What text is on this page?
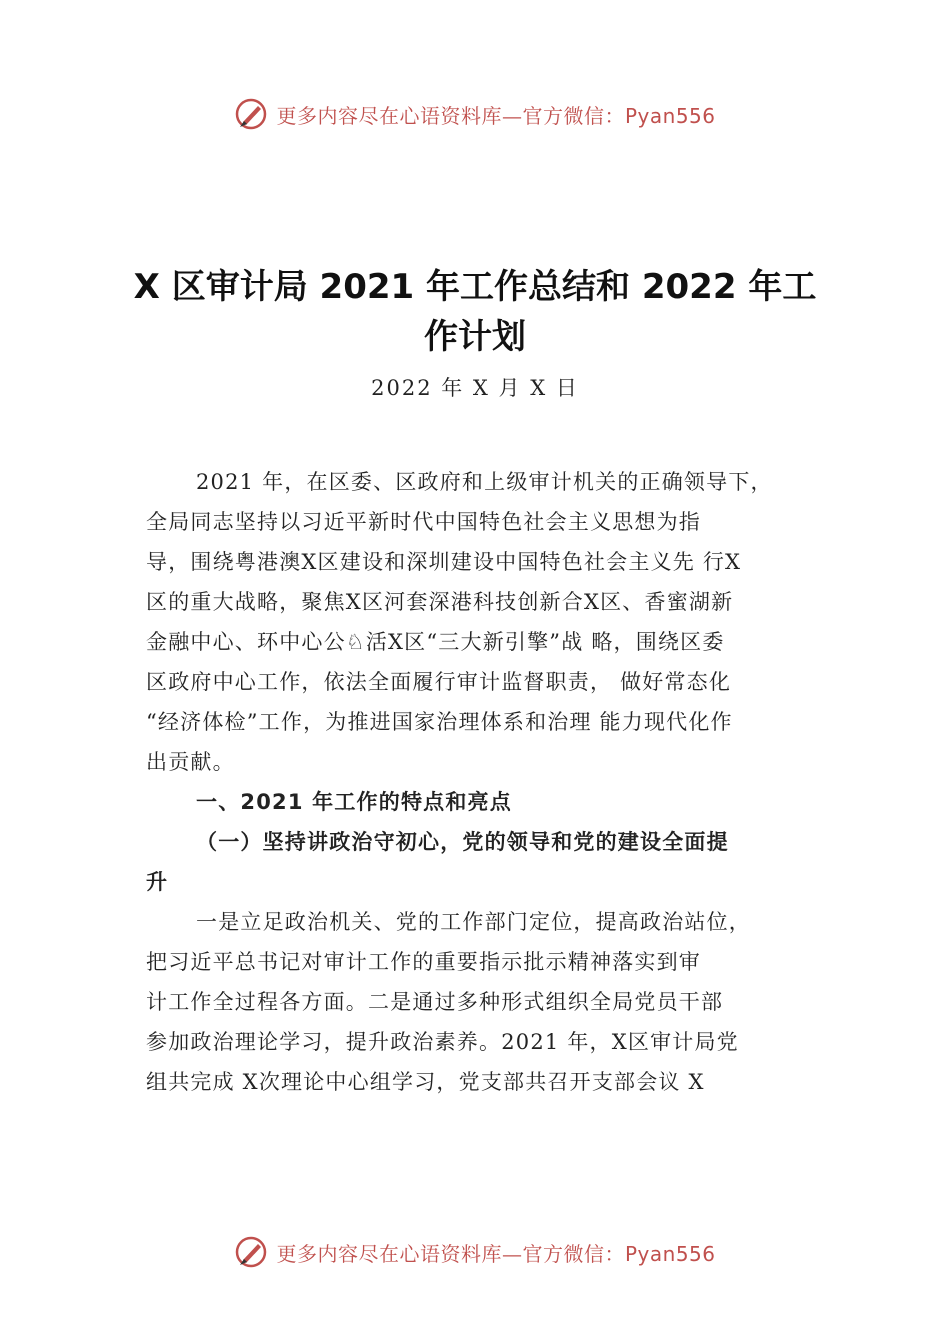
更多内容尽在心语资料库—官方微信：Pyan556
X 区审计局 2021 年工作总结和 2022 年工
作计划
2022 年 X 月 X 日
2021 年，在区委、区政府和上级审计机关的正确领导下，
全局同志坚持以习近平新时代中国特色社会主义思想为指
导，围绕粤港澳X区建设和深圳建设中国特色社会主义先 行X
区的重大战略，聚焦X区河套深港科技创新合X区、香蜜湖新
金融中心、环中心公♘活X区“三大新引擎”战 略，围绕区委
区政府中心工作，依法全面履行审计监督职责， 做好常态化
“经济体检”工作，为推进国家治理体系和治理 能力现代化作
出贡献。
一、2021 年工作的特点和亮点
（一）坚持讲政治守初心，党的领导和党的建设全面提
升
一是立足政治机关、党的工作部门定位，提高政治站位，
把习近平总书记对审计工作的重要指示批示精神落实到审
计工作全过程各方面。二是通过多种形式组织全局党员干部
参加政治理论学习，提升政治素养。2021 年，X区审计局党
组共完成 X次理论中心组学习，党支部共召开支部会议 X
更多内容尽在心语资料库—官方微信：Pyan556
